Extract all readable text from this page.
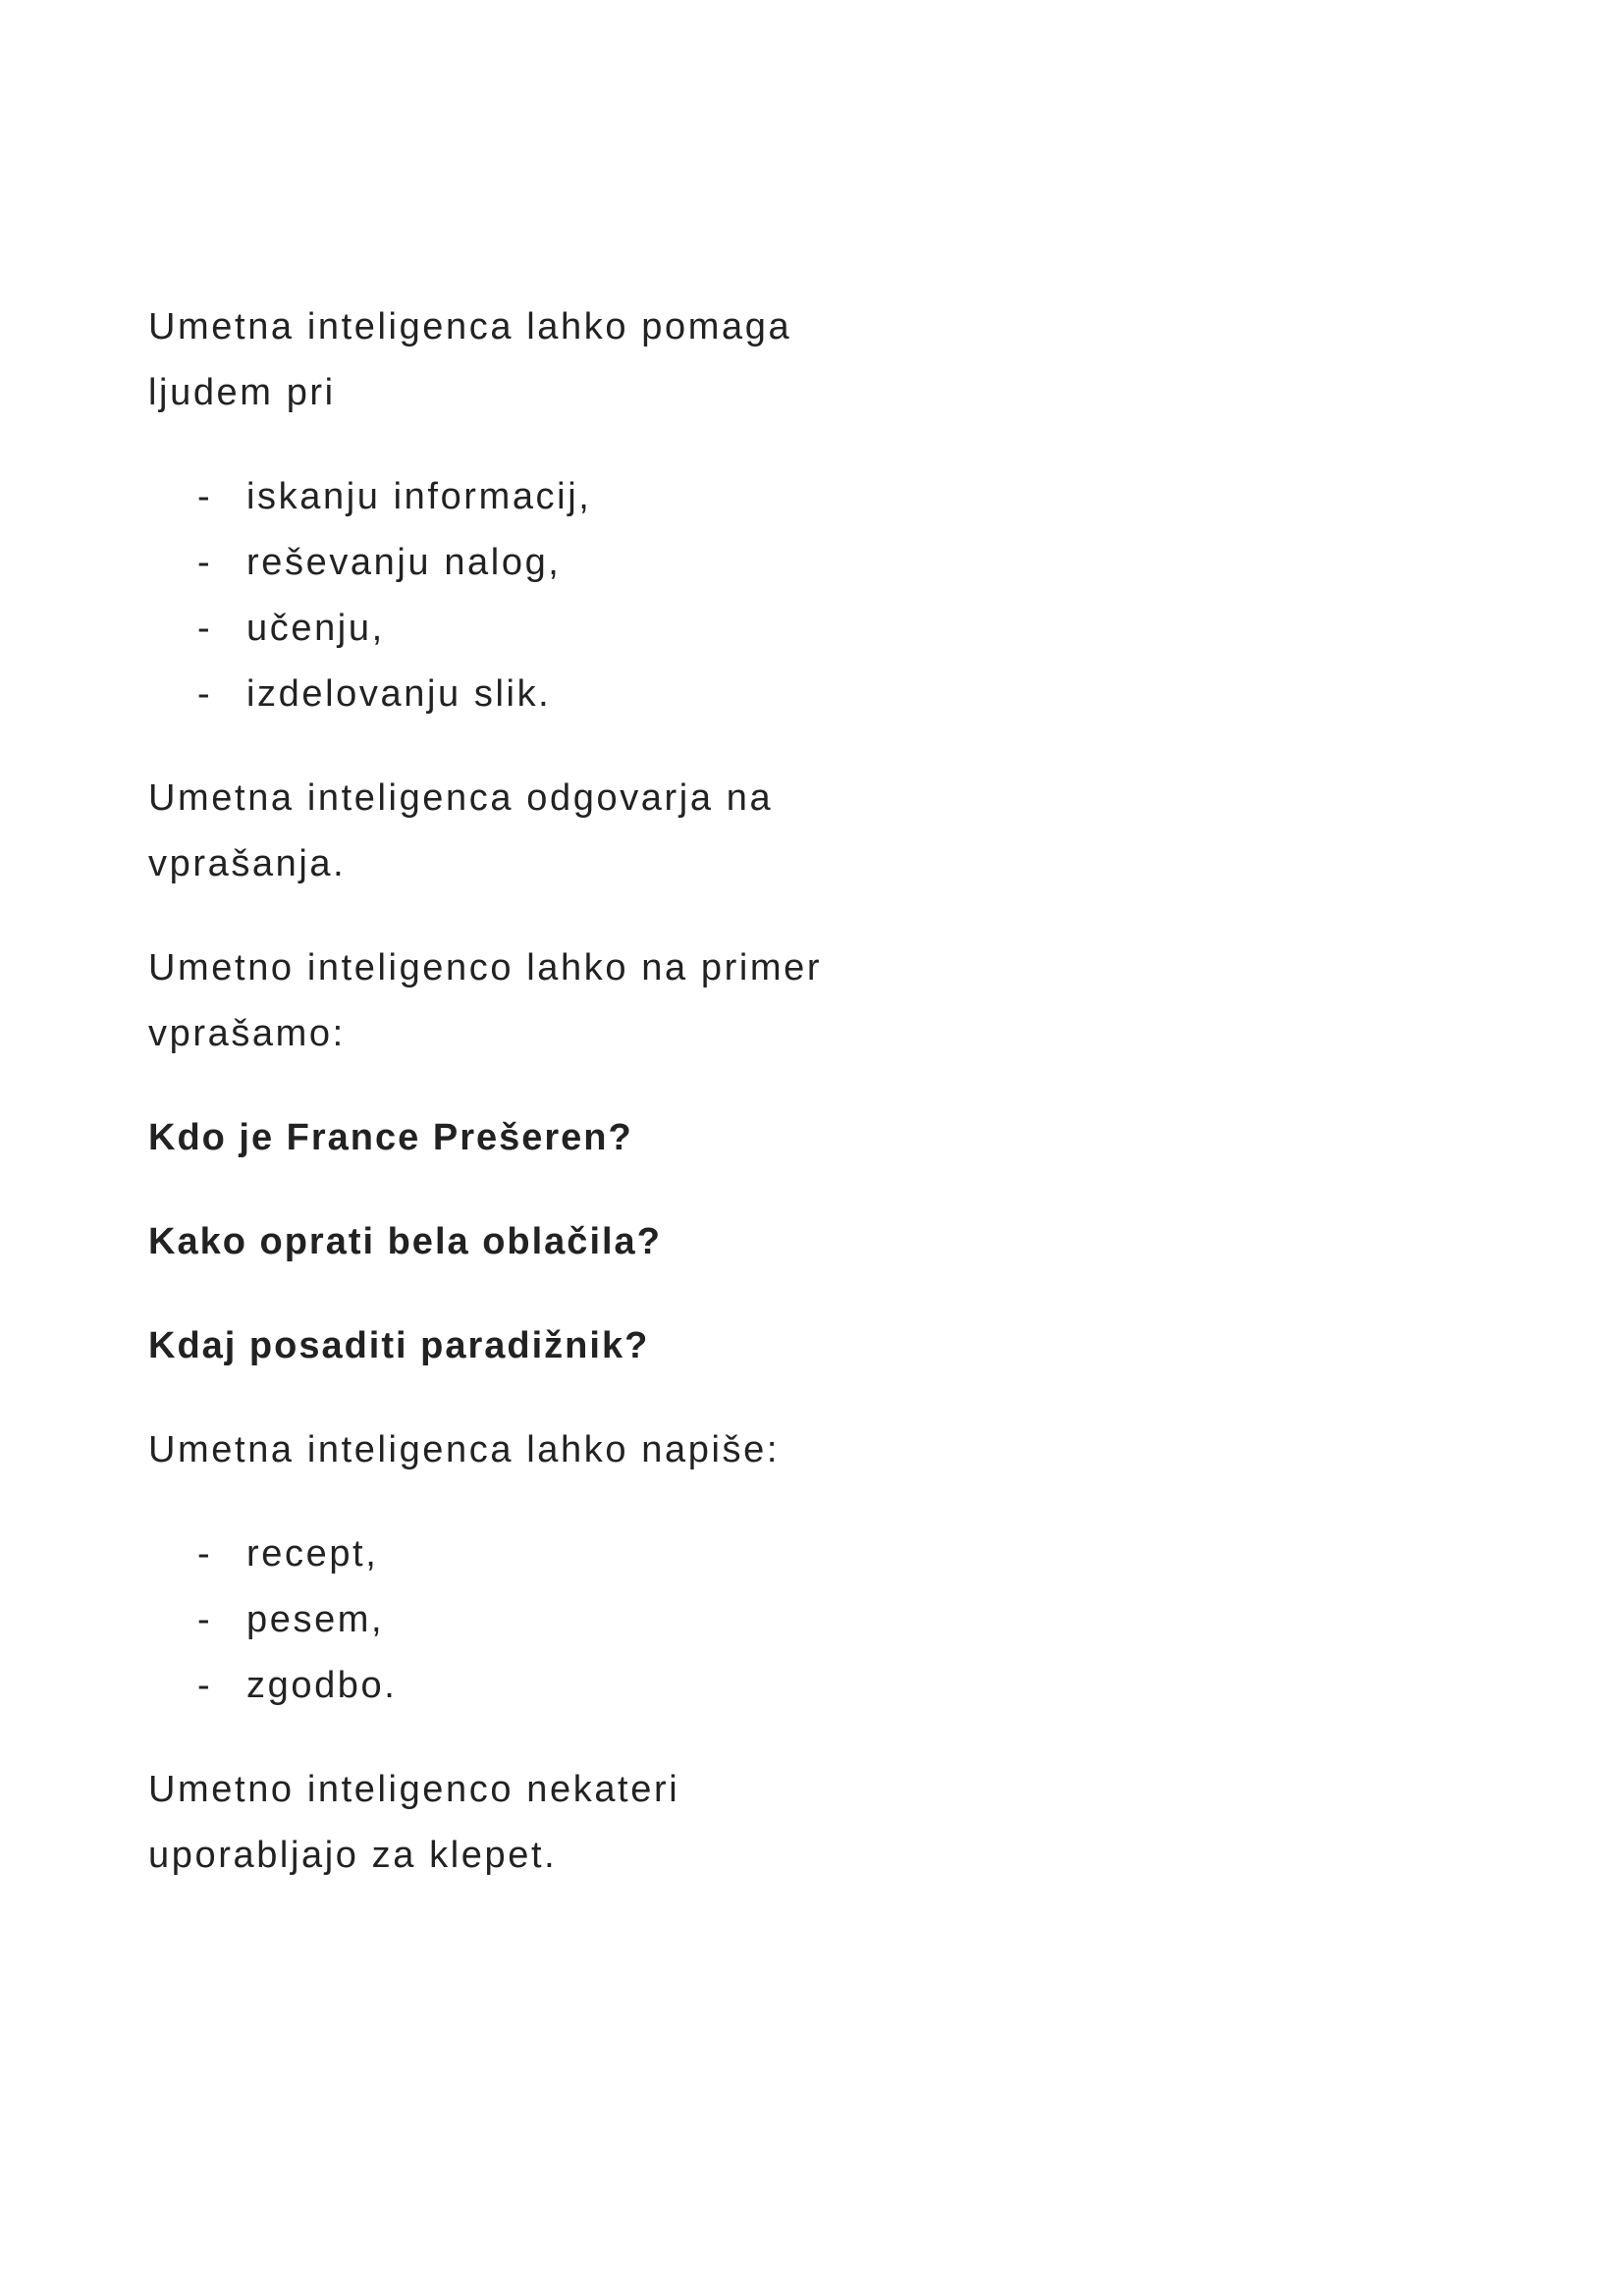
Umetna inteligenca lahko pomaga
ljudem pri

- iskanju informacij,
- reševanju nalog,
- učenju,
- izdelovanju slik.

Umetna inteligenca odgovarja na
vprašanja.

Umetno inteligenco lahko na primer
vprašamo:

Kdo je France Prešeren?

Kako oprati bela oblačila?

Kdaj posaditi paradižnik?

Umetna inteligenca lahko napiše:

- recept,
- pesem,
- zgodbo.

Umetno inteligenco nekateri
uporabljajo za klepet.
